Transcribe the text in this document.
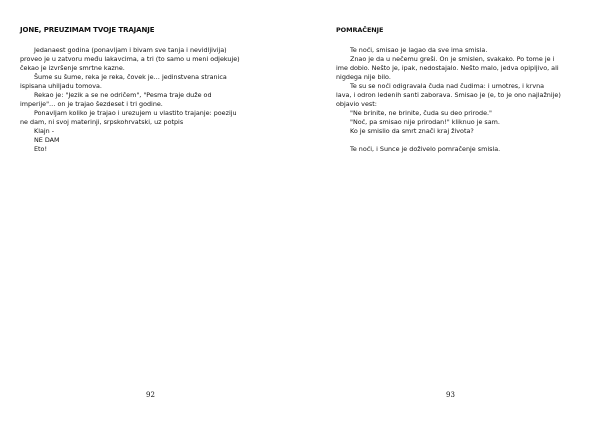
JONE, PREUZIMAM TVOJE TRAJANJE
Jedanaest godina (ponavljam i bivam sve tanja i nevidljivija)
proveo je u zatvoru među lakavcima, a tri (to samo u meni odjekuje)
čekao je izvršenje smrtne kazne.
Šume su šume, reka je reka, čovek je… jedinstvena stranica
ispisana uhiljadu tomova.
Rekao je: "Jezik a se ne odričem", "Pesma traje duže od
imperije"… on je trajao šezdeset i tri godine.
Ponavljam koliko je trajao i urezujem u vlastito trajanje: poeziju
ne dam, ni svoj materinji, srpskohrvatski, uz potpis
Klajn -
NE DAM
Eto!
92
POMRAČENJE
Te noći, smisao je lagao da sve ima smisla.
Znao je da u nečemu greši. On je smislen, svakako. Po tome je i
ime dobio. Nešto je, ipak, nedostajalo. Nešto malo, jedva opipljivo, ali
nigdega nije bilo.
Te su se noći odigravala čuda nad čudima: i umotres, i krvna
lava, i odron ledenih santi zaborava. Smisao je (e, to je ono najlažnije)
objavio vest:
"Ne brinite, ne brinite, čuda su deo prirode."
"Noć, pa smisao nije prirodan!" kliknuo je sam.
Ko je smislio da smrt znači kraj života?
Te noći, i Sunce je doživelo pomračenje smisla.
93
